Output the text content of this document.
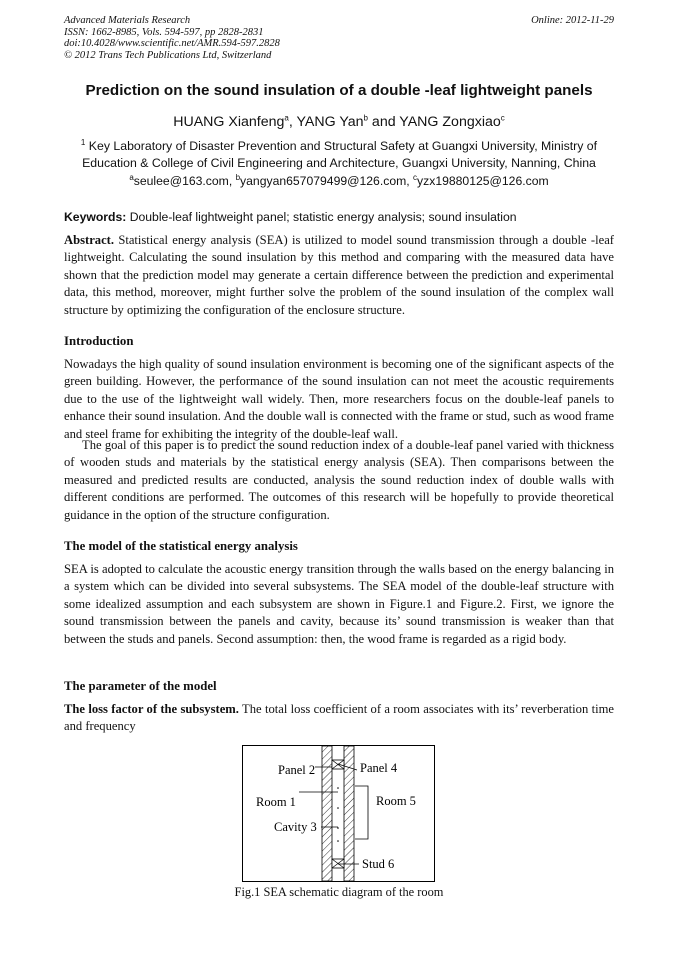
Advanced Materials Research
ISSN: 1662-8985, Vols. 594-597, pp 2828-2831
doi:10.4028/www.scientific.net/AMR.594-597.2828
© 2012 Trans Tech Publications Ltd, Switzerland
Online: 2012-11-29
Prediction on the sound insulation of a double -leaf lightweight panels
HUANG Xianfeng$^a$, YANG Yan$^b$ and YANG Zongxiao$^c$
$^1$ Key Laboratory of Disaster Prevention and Structural Safety at Guangxi University, Ministry of Education & College of Civil Engineering and Architecture, Guangxi University, Nanning, China
$^a$seulee@163.com, $^b$yangyan657079499@126.com, $^c$yzx19880125@126.com
Keywords: Double-leaf lightweight panel; statistic energy analysis; sound insulation

Abstract. Statistical energy analysis (SEA) is utilized to model sound transmission through a double -leaf lightweight. Calculating the sound insulation by this method and comparing with the measured data have shown that the prediction model may generate a certain difference between the prediction and experimental data, this method, moreover, might further solve the problem of the sound insulation of the complex wall structure by optimizing the configuration of the enclosure structure.

Introduction

Nowadays the high quality of sound insulation environment is becoming one of the significant aspects of the green building. However, the performance of the sound insulation can not meet the acoustic requirements due to the use of the lightweight wall widely. Then, more researchers focus on the double-leaf panels to enhance their sound insulation. And the double wall is connected with the frame or stud, such as wood frame and steel frame for exhibiting the integrity of the double-leaf wall.

The goal of this paper is to predict the sound reduction index of a double-leaf panel varied with thickness of wooden studs and materials by the statistical energy analysis (SEA). Then comparisons between the measured and predicted results are conducted, analysis the sound reduction index of double walls with different conditions are performed. The outcomes of this research will be hopefully to provide theoretical guidance in the option of the structure configuration.

The model of the statistical energy analysis

SEA is adopted to calculate the acoustic energy transition through the walls based on the energy balancing in a system which can be divided into several subsystems. The SEA model of the double-leaf structure with some idealized assumption and each subsystem are shown in Figure.1 and Figure.2. First, we ignore the sound transmission between the panels and cavity, because its’ sound transmission is weaker than that between the studs and panels. Second assumption: then, the wood frame is regarded as a rigid body.

The parameter of the model

The loss factor of the subsystem. The total loss coefficient of a room associates with its’ reverberation time and frequency

Panel 2	Panel 4
Room 1	Room 5
Cavity 3
Stud 6
Fig.1 SEA schematic diagram of the room
